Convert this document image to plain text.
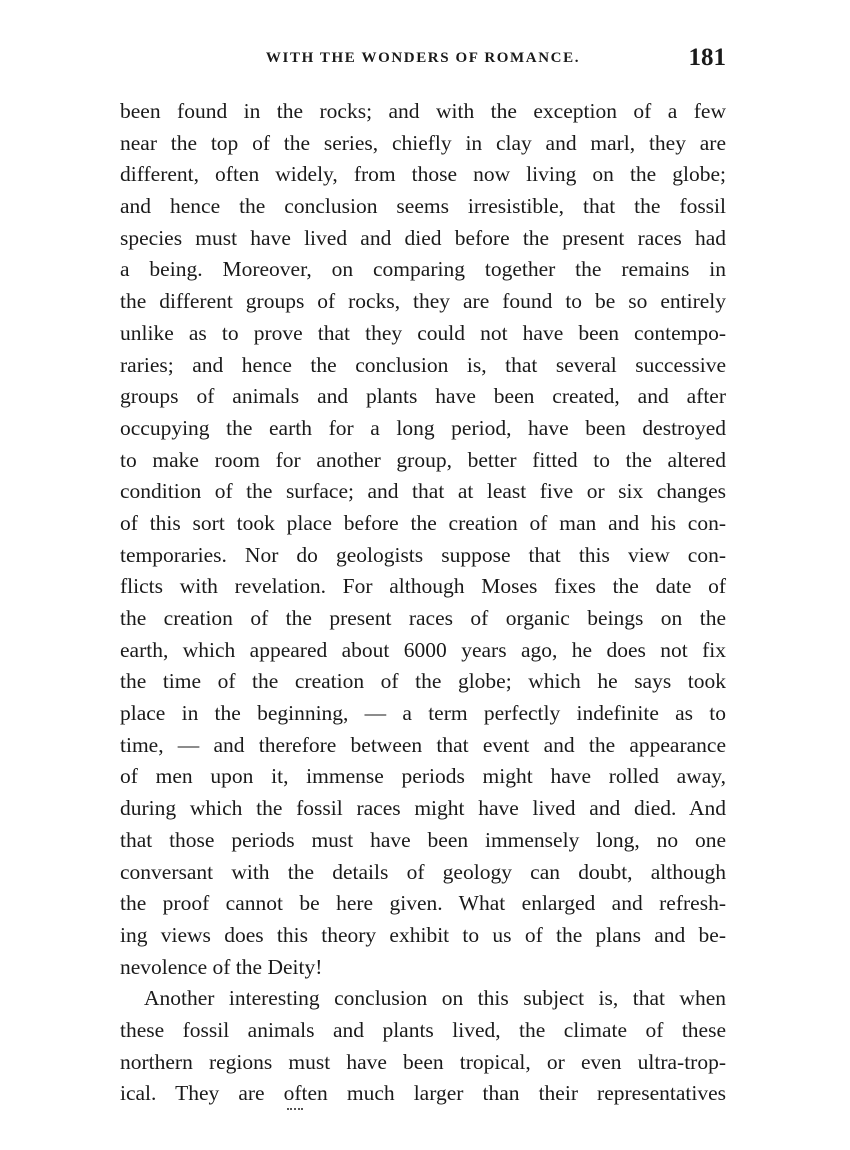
WITH THE WONDERS OF ROMANCE.	181
been found in the rocks; and with the exception of a few
near the top of the series, chiefly in clay and marl, they are
different, often widely, from those now living on the globe;
and hence the conclusion seems irresistible, that the fossil
species must have lived and died before the present races had
a being. Moreover, on comparing together the remains in
the different groups of rocks, they are found to be so entirely
unlike as to prove that they could not have been contempo-
raries; and hence the conclusion is, that several successive
groups of animals and plants have been created, and after
occupying the earth for a long period, have been destroyed
to make room for another group, better fitted to the altered
condition of the surface; and that at least five or six changes
of this sort took place before the creation of man and his con-
temporaries. Nor do geologists suppose that this view con-
flicts with revelation. For although Moses fixes the date of
the creation of the present races of organic beings on the
earth, which appeared about 6000 years ago, he does not fix
the time of the creation of the globe; which he says took
place in the beginning, — a term perfectly indefinite as to
time, — and therefore between that event and the appearance
of men upon it, immense periods might have rolled away,
during which the fossil races might have lived and died. And
that those periods must have been immensely long, no one
conversant with the details of geology can doubt, although
the proof cannot be here given. What enlarged and refresh-
ing views does this theory exhibit to us of the plans and be-
nevolence of the Deity!
Another interesting conclusion on this subject is, that when
these fossil animals and plants lived, the climate of these
northern regions must have been tropical, or even ultra-trop-
ical. They are often much larger than their representatives
